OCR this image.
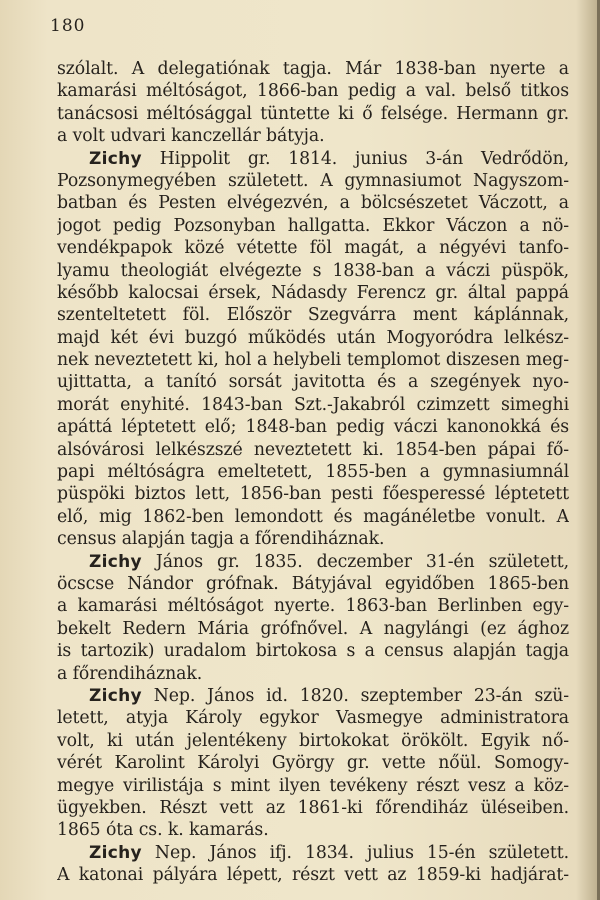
180

szólalt. A delegatiónak tagja. Már 1838-ban nyerte a
kamarási méltóságot, 1866-ban pedig a val. belső titkos
tanácsosi méltósággal tüntette ki ő felsége. Hermann gr.
a volt udvari kanczellár bátyja.
Zichy Hippolit gr. 1814. junius 3-án Vedrődön,
Pozsonymegyében született. A gymnasiumot Nagyszom-
batban és Pesten elvégezvén, a bölcsészetet Váczott, a
jogot pedig Pozsonyban hallgatta. Ekkor Váczon a nö-
vendékpapok közé vétette föl magát, a négyévi tanfo-
lyamu theologiát elvégezte s 1838-ban a váczi püspök,
később kalocsai érsek, Nádasdy Ferencz gr. által pappá
szenteltetett föl. Először Szegvárra ment káplánnak,
majd két évi buzgó működés után Mogyoródra lelkész-
nek neveztetett ki, hol a helybeli templomot diszesen meg-
ujittatta, a tanító sorsát javitotta és a szegények nyo-
morát enyhité. 1843-ban Szt.-Jakabról czimzett simeghi
apáttá léptetett elő; 1848-ban pedig váczi kanonokká és
alsóvárosi lelkészszé neveztetett ki. 1854-ben pápai fő-
papi méltóságra emeltetett, 1855-ben a gymnasiumnál
püspöki biztos lett, 1856-ban pesti főesperessé léptetett
elő, mig 1862-ben lemondott és magánéletbe vonult. A
census alapján tagja a főrendiháznak.
Zichy János gr. 1835. deczember 31-én született,
öcscse Nándor grófnak. Bátyjával egyidőben 1865-ben
a kamarási méltóságot nyerte. 1863-ban Berlinben egy-
bekelt Redern Mária grófnővel. A nagylángi (ez ághoz
is tartozik) uradalom birtokosa s a census alapján tagja
a főrendiháznak.
Zichy Nep. János id. 1820. szeptember 23-án szü-
letett, atyja Károly egykor Vasmegye administratora
volt, ki után jelentékeny birtokokat örökölt. Egyik nő-
vérét Karolint Károlyi György gr. vette nőül. Somogy-
megye virilistája s mint ilyen tevékeny részt vesz a köz-
ügyekben. Részt vett az 1861-ki főrendiház üléseiben.
1865 óta cs. k. kamarás.
Zichy Nep. János ifj. 1834. julius 15-én született.
A katonai pályára lépett, részt vett az 1859-ki hadjárat-
